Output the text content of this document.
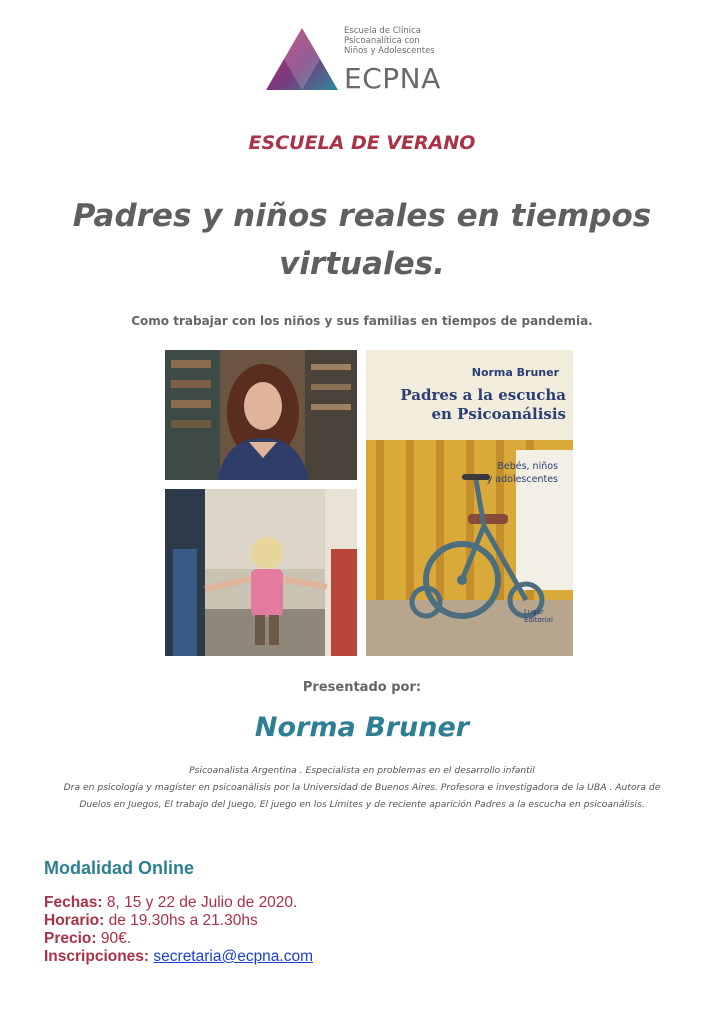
Escuela de Clínica
Psicoanalítica con
Niños y Adolescentes
ECPNA
ESCUELA DE VERANO
Padres y niños reales en tiempos
virtuales.
Como trabajar con los niños y sus familias en tiempos de pandemia.
Norma Bruner
Padres a la escucha
en Psicoanálisis
Bebés, niños
y adolescentes
Lugar
Editorial
Presentado por:
Norma Bruner
Psicoanalista Argentina . Especialista en problemas en el desarrollo infantil
Dra en psicología y magíster en psicoanálisis por la Universidad de Buenos Aires. Profesora e investigadora de la UBA . Autora de
Duelos en Juegos, El trabajo del Juego, El juego en los Límites y de reciente aparición Padres a la escucha en psicoanálisis.
Modalidad Online
Fechas: 8, 15 y 22 de Julio de 2020.
Horario: de 19.30hs a 21.30hs
Precio: 90€.
Inscripciones: secretaria@ecpna.com
